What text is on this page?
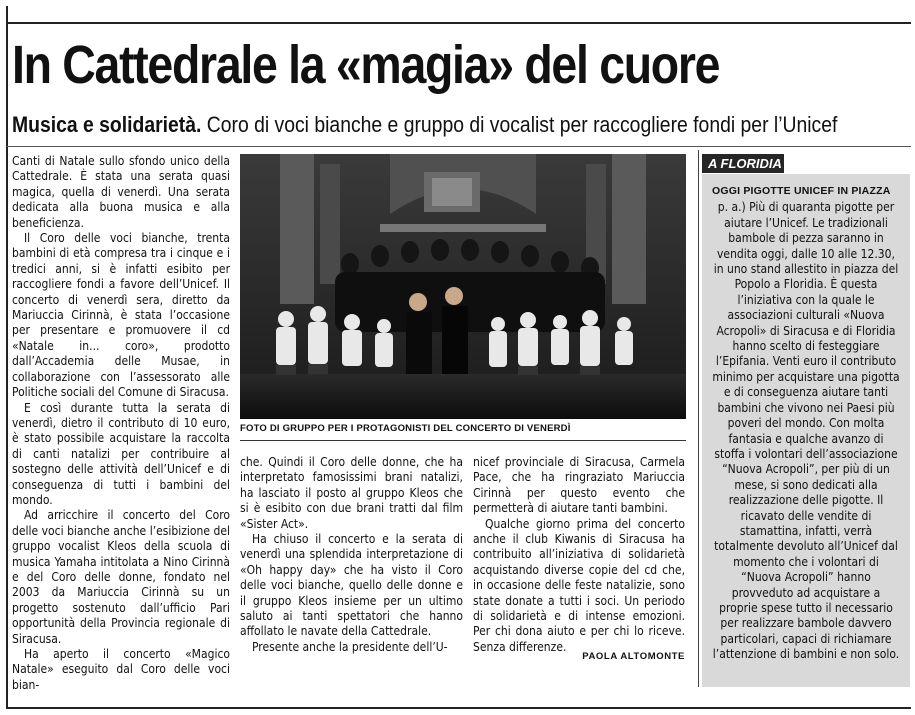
In Cattedrale la «magia» del cuore
Musica e solidarietà. Coro di voci bianche e gruppo di vocalist per raccogliere fondi per l’Unicef

Canti di Natale sullo sfondo unico della Cattedrale. È stata una serata quasi magica, quella di venerdì. Una serata dedicata alla buona musica e alla beneficienza.

Il Coro delle voci bianche, trenta bambini di età compresa tra i cinque e i tredici anni, si è infatti esibito per raccogliere fondi a favore dell’Unicef. Il concerto di venerdì sera, diretto da Mariuccia Cirinnà, è stata l’occasione per presentare e promuovere il cd «Natale in... coro», prodotto dall’Accademia delle Musae, in collaborazione con l’assessorato alle Politiche sociali del Comune di Siracusa.

E così durante tutta la serata di venerdì, dietro il contributo di 10 euro, è stato possibile acquistare la raccolta di canti natalizi per contribuire al sostegno delle attività dell’Unicef e di conseguenza di tutti i bambini del mondo.

Ad arricchire il concerto del Coro delle voci bianche anche l’esibizione del gruppo vocalist Kleos della scuola di musica Yamaha intitolata a Nino Cirinnà e del Coro delle donne, fondato nel 2003 da Mariuccia Cirinnà su un progetto sostenuto dall’ufficio Pari opportunità della Provincia regionale di Siracusa.

Ha aperto il concerto «Magico Natale» eseguito dal Coro delle voci bian-

FOTO DI GRUPPO PER I PROTAGONISTI DEL CONCERTO DI VENERDÌ

che. Quindi il Coro delle donne, che ha interpretato famosissimi brani natalizi, ha lasciato il posto al gruppo Kleos che si è esibito con due brani tratti dal film «Sister Act».

Ha chiuso il concerto e la serata di venerdì una splendida interpretazione di «Oh happy day» che ha visto il Coro delle voci bianche, quello delle donne e il gruppo Kleos insieme per un ultimo saluto ai tanti spettatori che hanno affollato le navate della Cattedrale.

Presente anche la presidente dell’U-

nicef provinciale di Siracusa, Carmela Pace, che ha ringraziato Mariuccia Cirinnà per questo evento che permetterà di aiutare tanti bambini.

Qualche giorno prima del concerto anche il club Kiwanis di Siracusa ha contribuito all’iniziativa di solidarietà acquistando diverse copie del cd che, in occasione delle feste natalizie, sono state donate a tutti i soci. Un periodo di solidarietà e di intense emozioni. Per chi dona aiuto e per chi lo riceve. Senza differenze.

PAOLA ALTOMONTE
A FLORIDIA

OGGI PIGOTTE UNICEF IN PIAZZA

p. a.) Più di quaranta pigotte per aiutare l’Unicef. Le tradizionali bambole di pezza saranno in vendita oggi, dalle 10 alle 12.30, in uno stand allestito in piazza del Popolo a Floridia. È questa l’iniziativa con la quale le associazioni culturali «Nuova Acropoli» di Siracusa e di Floridia hanno scelto di festeggiare l’Epifania. Venti euro il contributo minimo per acquistare una pigotta e di conseguenza aiutare tanti bambini che vivono nei Paesi più poveri del mondo. Con molta fantasia e qualche avanzo di stoffa i volontari dell’associazione “Nuova Acropoli”, per più di un mese, si sono dedicati alla realizzazione delle pigotte. Il ricavato delle vendite di stamattina, infatti, verrà totalmente devoluto all’Unicef dal momento che i volontari di “Nuova Acropoli” hanno provveduto ad acquistare a proprie spese tutto il necessario per realizzare bambole davvero particolari, capaci di richiamare l’attenzione di bambini e non solo.
